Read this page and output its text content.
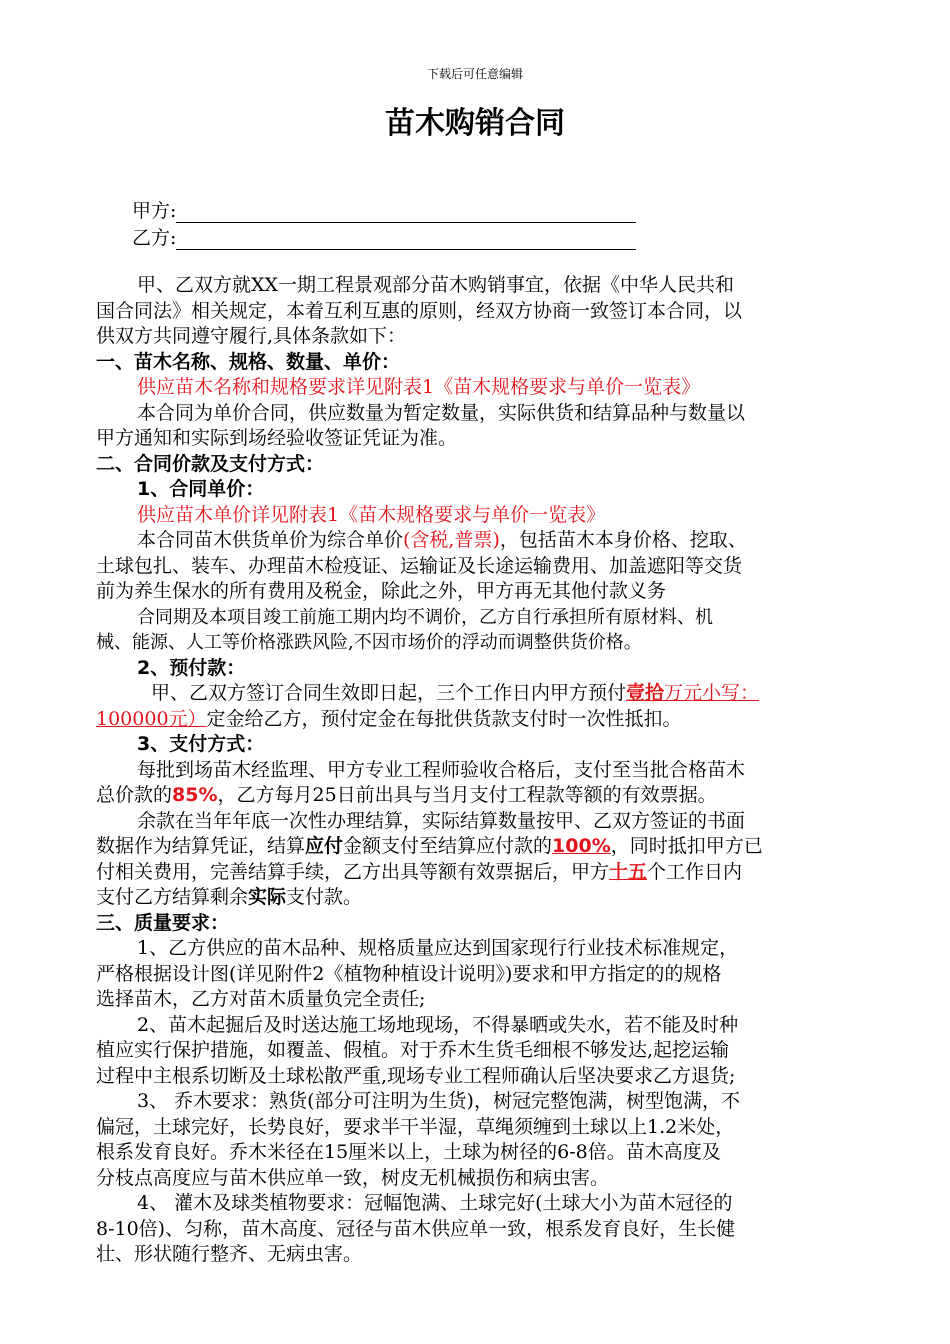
下载后可任意编辑
苗木购销合同
甲方:
乙方:

甲、乙双方就XX一期工程景观部分苗木购销事宜，依据《中华人民共和

国合同法》相关规定，本着互利互惠的原则，经双方协商一致签订本合同，以

供双方共同遵守履行,具体条款如下：

一、苗木名称、规格、数量、单价：

供应苗木名称和规格要求详见附表1《苗木规格要求与单价一览表》

本合同为单价合同，供应数量为暂定数量，实际供货和结算品种与数量以

甲方通知和实际到场经验收签证凭证为准。

二、合同价款及支付方式：

1、合同单价：

供应苗木单价详见附表1《苗木规格要求与单价一览表》

本合同苗木供货单价为综合单价(含税,普票)，包括苗木本身价格、挖取、

土球包扎、装车、办理苗木检疫证、运输证及长途运输费用、加盖遮阳等交货

前为养生保水的所有费用及税金，除此之外，甲方再无其他付款义务

合同期及本项目竣工前施工期内均不调价，乙方自行承担所有原材料、机

械、能源、人工等价格涨跌风险,不因市场价的浮动而调整供货价格。

2、预付款：

甲、乙双方签订合同生效即日起，三个工作日内甲方预付壹拾万元小写：

100000元）定金给乙方，预付定金在每批供货款支付时一次性抵扣。

3、支付方式：

每批到场苗木经监理、甲方专业工程师验收合格后，支付至当批合格苗木

总价款的85%，乙方每月25日前出具与当月支付工程款等额的有效票据。

余款在当年年底一次性办理结算，实际结算数量按甲、乙双方签证的书面

数据作为结算凭证，结算应付金额支付至结算应付款的100%，同时抵扣甲方已

付相关费用，完善结算手续，乙方出具等额有效票据后，甲方十五个工作日内

支付乙方结算剩余实际支付款。

三、质量要求：

1、乙方供应的苗木品种、规格质量应达到国家现行行业技术标准规定，

严格根据设计图(详见附件2《植物种植设计说明》)要求和甲方指定的的规格

选择苗木，乙方对苗木质量负完全责任;

2、苗木起掘后及时送达施工场地现场，不得暴晒或失水，若不能及时种

植应实行保护措施，如覆盖、假植。对于乔木生货毛细根不够发达,起挖运输

过程中主根系切断及土球松散严重,现场专业工程师确认后坚决要求乙方退货;

3、 乔木要求：熟货(部分可注明为生货)，树冠完整饱满，树型饱满，不

偏冠，土球完好，长势良好，要求半干半湿，草绳须缠到土球以上1.2米处，

根系发育良好。乔木米径在15厘米以上，土球为树径的6-8倍。苗木高度及

分枝点高度应与苗木供应单一致，树皮无机械损伤和病虫害。

4、 灌木及球类植物要求：冠幅饱满、土球完好(土球大小为苗木冠径的

8-10倍)、匀称，苗木高度、冠径与苗木供应单一致，根系发育良好，生长健

壮、形状随行整齐、无病虫害。
